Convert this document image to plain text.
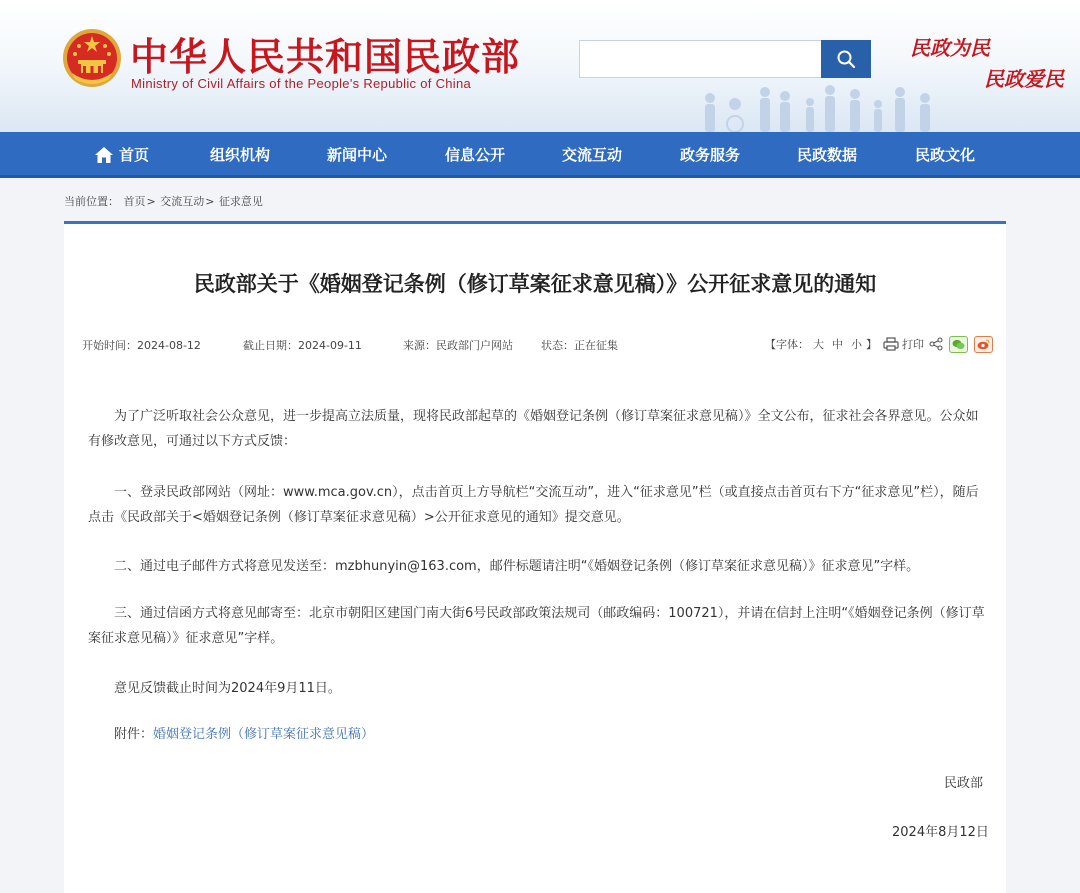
中华人民共和国民政部
Ministry of Civil Affairs of the People's Republic of China
民政为民
民政爱民
首页	组织机构	新闻中心	信息公开	交流互动	政务服务	民政数据	民政文化
当前位置： 首页> 交流互动> 征求意见
民政部关于《婚姻登记条例（修订草案征求意见稿）》公开征求意见的通知
开始时间：2024-08-12	截止日期：2024-09-11	来源：民政部门户网站	状态：正在征集	【字体： 大 中 小 】 打印

为了广泛听取社会公众意见，进一步提高立法质量，现将民政部起草的《婚姻登记条例（修订草案征求意见稿）》全文公布，征求社会各界意见。公众如有修改意见，可通过以下方式反馈：

一、登录民政部网站（网址：www.mca.gov.cn），点击首页上方导航栏“交流互动”，进入“征求意见”栏（或直接点击首页右下方“征求意见”栏），随后点击《民政部关于<婚姻登记条例（修订草案征求意见稿）>公开征求意见的通知》提交意见。

二、通过电子邮件方式将意见发送至：mzbhunyin@163.com，邮件标题请注明“《婚姻登记条例（修订草案征求意见稿）》征求意见”字样。

三、通过信函方式将意见邮寄至：北京市朝阳区建国门南大街6号民政部政策法规司（邮政编码：100721），并请在信封上注明“《婚姻登记条例（修订草案征求意见稿）》征求意见”字样。

意见反馈截止时间为2024年9月11日。

附件：婚姻登记条例（修订草案征求意见稿）

民政部
2024年8月12日
